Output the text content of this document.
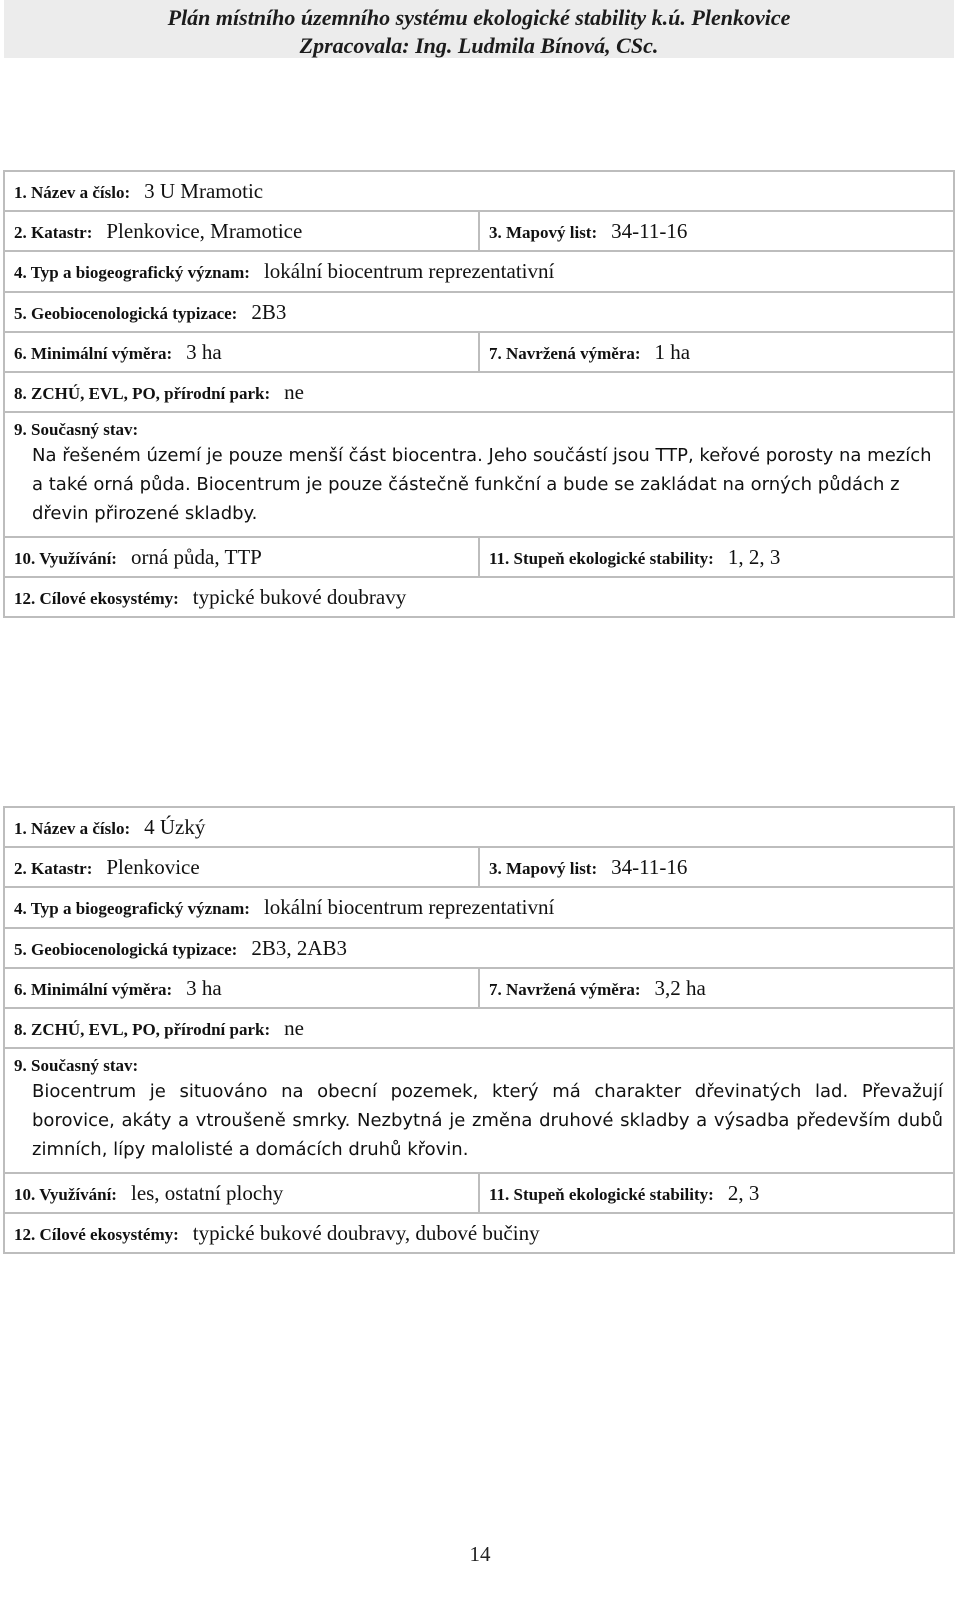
Plán místního územního systému ekologické stability k.ú. Plenkovice
Zpracovala: Ing. Ludmila Bínová, CSc.
1. Název a číslo: 3 U Mramotic	
2. Katastr: Plenkovice, Mramotice	3. Mapový list: 34-11-16
4. Typ a biogeografický význam: lokální biocentrum reprezentativní	
5. Geobiocenologická typizace: 2B3	
6. Minimální výměra: 3 ha	7. Navržená výměra: 1 ha
8. ZCHÚ, EVL, PO, přírodní park: ne	

9. Současný stav:
Na řešeném území je pouze menší část biocentra. Jeho součástí jsou TTP, keřové porosty na mezích a také orná půda. Biocentrum je pouze částečně funkční a bude se zakládat na orných půdách z dřevin přirozené skladby.	

10. Využívání: orná půda, TTP	11. Stupeň ekologické stability: 1, 2, 3
12. Cílové ekosystémy: typické bukové doubravy	
1. Název a číslo: 4 Úzký	
2. Katastr: Plenkovice	3. Mapový list: 34-11-16
4. Typ a biogeografický význam: lokální biocentrum reprezentativní	
5. Geobiocenologická typizace: 2B3, 2AB3	
6. Minimální výměra: 3 ha	7. Navržená výměra: 3,2 ha
8. ZCHÚ, EVL, PO, přírodní park: ne	

9. Současný stav:
Biocentrum je situováno na obecní pozemek, který má charakter dřevinatých lad. Převažují borovice, akáty a vtroušeně smrky. Nezbytná je změna druhové skladby a výsadba především dubů zimních, lípy malolisté a domácích druhů křovin.	

10. Využívání: les, ostatní plochy	11. Stupeň ekologické stability: 2, 3
12. Cílové ekosystémy: typické bukové doubravy, dubové bučiny	
14
